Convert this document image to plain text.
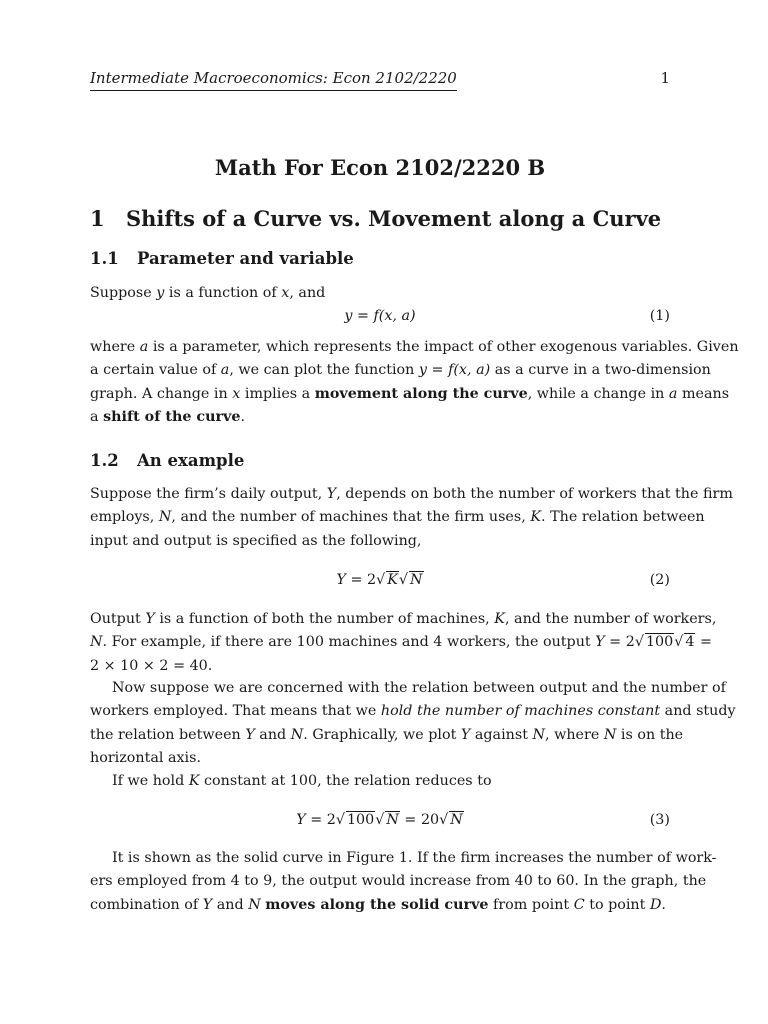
Intermediate Macroeconomics: Econ 2102/2220	1
Math For Econ 2102/2220 B
1 Shifts of a Curve vs. Movement along a Curve
1.1 Parameter and variable
Suppose y is a function of x, and
y = f(x, a)	(1)
where a is a parameter, which represents the impact of other exogenous variables. Given
a certain value of a, we can plot the function y = f(x, a) as a curve in a two-dimension
graph. A change in x implies a movement along the curve, while a change in a means
a shift of the curve.
1.2 An example
Suppose the firm’s daily output, Y, depends on both the number of workers that the firm
employs, N, and the number of machines that the firm uses, K. The relation between
input and output is specified as the following,
Y = 2√ K√ N	(2)
Output Y is a function of both the number of machines, K, and the number of workers,
N. For example, if there are 100 machines and 4 workers, the output Y = 2√ 100√ 4 =
2 × 10 × 2 = 40.
Now suppose we are concerned with the relation between output and the number of
workers employed. That means that we hold the number of machines constant and study
the relation between Y and N. Graphically, we plot Y against N, where N is on the
horizontal axis.
If we hold K constant at 100, the relation reduces to
Y = 2√ 100√ N = 20√ N	(3)
It is shown as the solid curve in Figure 1. If the firm increases the number of work-
ers employed from 4 to 9, the output would increase from 40 to 60. In the graph, the
combination of Y and N moves along the solid curve from point C to point D.
